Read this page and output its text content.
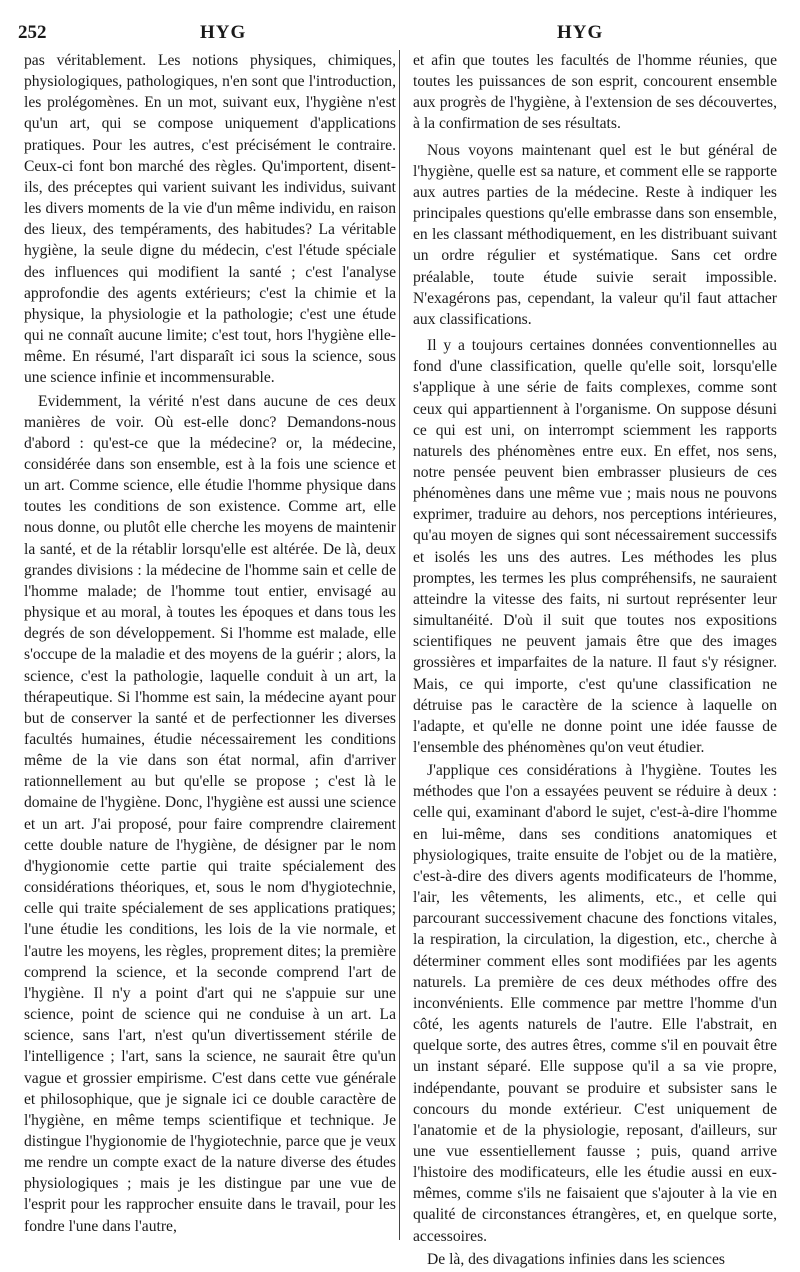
252	HYG	HYG

pas véritablement. Les notions physiques, chimiques, physiologiques, pathologiques, n'en sont que l'introduction, les prolégomènes. En un mot, suivant eux, l'hygiène n'est qu'un art, qui se compose uniquement d'applications pratiques. Pour les autres, c'est précisément le contraire. Ceux-ci font bon marché des règles. Qu'importent, disent-ils, des préceptes qui varient suivant les individus, suivant les divers moments de la vie d'un même individu, en raison des lieux, des tempéraments, des habitudes? La véritable hygiène, la seule digne du médecin, c'est l'étude spéciale des influences qui modifient la santé ; c'est l'analyse approfondie des agents extérieurs; c'est la chimie et la physique, la physiologie et la pathologie; c'est une étude qui ne connaît aucune limite; c'est tout, hors l'hygiène elle-même. En résumé, l'art disparaît ici sous la science, sous une science infinie et incommensurable.

Evidemment, la vérité n'est dans aucune de ces deux manières de voir. Où est-elle donc? Demandons-nous d'abord : qu'est-ce que la médecine? or, la médecine, considérée dans son ensemble, est à la fois une science et un art. Comme science, elle étudie l'homme physique dans toutes les conditions de son existence. Comme art, elle nous donne, ou plutôt elle cherche les moyens de maintenir la santé, et de la rétablir lorsqu'elle est altérée. De là, deux grandes divisions : la médecine de l'homme sain et celle de l'homme malade; de l'homme tout entier, envisagé au physique et au moral, à toutes les époques et dans tous les degrés de son développement. Si l'homme est malade, elle s'occupe de la maladie et des moyens de la guérir ; alors, la science, c'est la pathologie, laquelle conduit à un art, la thérapeutique. Si l'homme est sain, la médecine ayant pour but de conserver la santé et de perfectionner les diverses facultés humaines, étudie nécessairement les conditions même de la vie dans son état normal, afin d'arriver rationnellement au but qu'elle se propose ; c'est là le domaine de l'hygiène. Donc, l'hygiène est aussi une science et un art. J'ai proposé, pour faire comprendre clairement cette double nature de l'hygiène, de désigner par le nom d'hygionomie cette partie qui traite spécialement des considérations théoriques, et, sous le nom d'hygiotechnie, celle qui traite spécialement de ses applications pratiques; l'une étudie les conditions, les lois de la vie normale, et l'autre les moyens, les règles, proprement dites; la première comprend la science, et la seconde comprend l'art de l'hygiène. Il n'y a point d'art qui ne s'appuie sur une science, point de science qui ne conduise à un art. La science, sans l'art, n'est qu'un divertissement stérile de l'intelligence ; l'art, sans la science, ne saurait être qu'un vague et grossier empirisme. C'est dans cette vue générale et philosophique, que je signale ici ce double caractère de l'hygiène, en même temps scientifique et technique. Je distingue l'hygionomie de l'hygiotechnie, parce que je veux me rendre un compte exact de la nature diverse des études physiologiques ; mais je les distingue par une vue de l'esprit pour les rapprocher ensuite dans le travail, pour les fondre l'une dans l'autre,

et afin que toutes les facultés de l'homme réunies, que toutes les puissances de son esprit, concourent ensemble aux progrès de l'hygiène, à l'extension de ses découvertes, à la confirmation de ses résultats.

Nous voyons maintenant quel est le but général de l'hygiène, quelle est sa nature, et comment elle se rapporte aux autres parties de la médecine. Reste à indiquer les principales questions qu'elle embrasse dans son ensemble, en les classant méthodiquement, en les distribuant suivant un ordre régulier et systématique. Sans cet ordre préalable, toute étude suivie serait impossible. N'exagérons pas, cependant, la valeur qu'il faut attacher aux classifications.

Il y a toujours certaines données conventionnelles au fond d'une classification, quelle qu'elle soit, lorsqu'elle s'applique à une série de faits complexes, comme sont ceux qui appartiennent à l'organisme. On suppose désuni ce qui est uni, on interrompt sciemment les rapports naturels des phénomènes entre eux. En effet, nos sens, notre pensée peuvent bien embrasser plusieurs de ces phénomènes dans une même vue ; mais nous ne pouvons exprimer, traduire au dehors, nos perceptions intérieures, qu'au moyen de signes qui sont nécessairement successifs et isolés les uns des autres. Les méthodes les plus promptes, les termes les plus compréhensifs, ne sauraient atteindre la vitesse des faits, ni surtout représenter leur simultanéité. D'où il suit que toutes nos expositions scientifiques ne peuvent jamais être que des images grossières et imparfaites de la nature. Il faut s'y résigner. Mais, ce qui importe, c'est qu'une classification ne détruise pas le caractère de la science à laquelle on l'adapte, et qu'elle ne donne point une idée fausse de l'ensemble des phénomènes qu'on veut étudier.

J'applique ces considérations à l'hygiène. Toutes les méthodes que l'on a essayées peuvent se réduire à deux : celle qui, examinant d'abord le sujet, c'est-à-dire l'homme en lui-même, dans ses conditions anatomiques et physiologiques, traite ensuite de l'objet ou de la matière, c'est-à-dire des divers agents modificateurs de l'homme, l'air, les vêtements, les aliments, etc., et celle qui parcourant successivement chacune des fonctions vitales, la respiration, la circulation, la digestion, etc., cherche à déterminer comment elles sont modifiées par les agents naturels. La première de ces deux méthodes offre des inconvénients. Elle commence par mettre l'homme d'un côté, les agents naturels de l'autre. Elle l'abstrait, en quelque sorte, des autres êtres, comme s'il en pouvait être un instant séparé. Elle suppose qu'il a sa vie propre, indépendante, pouvant se produire et subsister sans le concours du monde extérieur. C'est uniquement de l'anatomie et de la physiologie, reposant, d'ailleurs, sur une vue essentiellement fausse ; puis, quand arrive l'histoire des modificateurs, elle les étudie aussi en eux-mêmes, comme s'ils ne faisaient que s'ajouter à la vie en qualité de circonstances étrangères, et, en quelque sorte, accessoires.

De là, des divagations infinies dans les sciences
